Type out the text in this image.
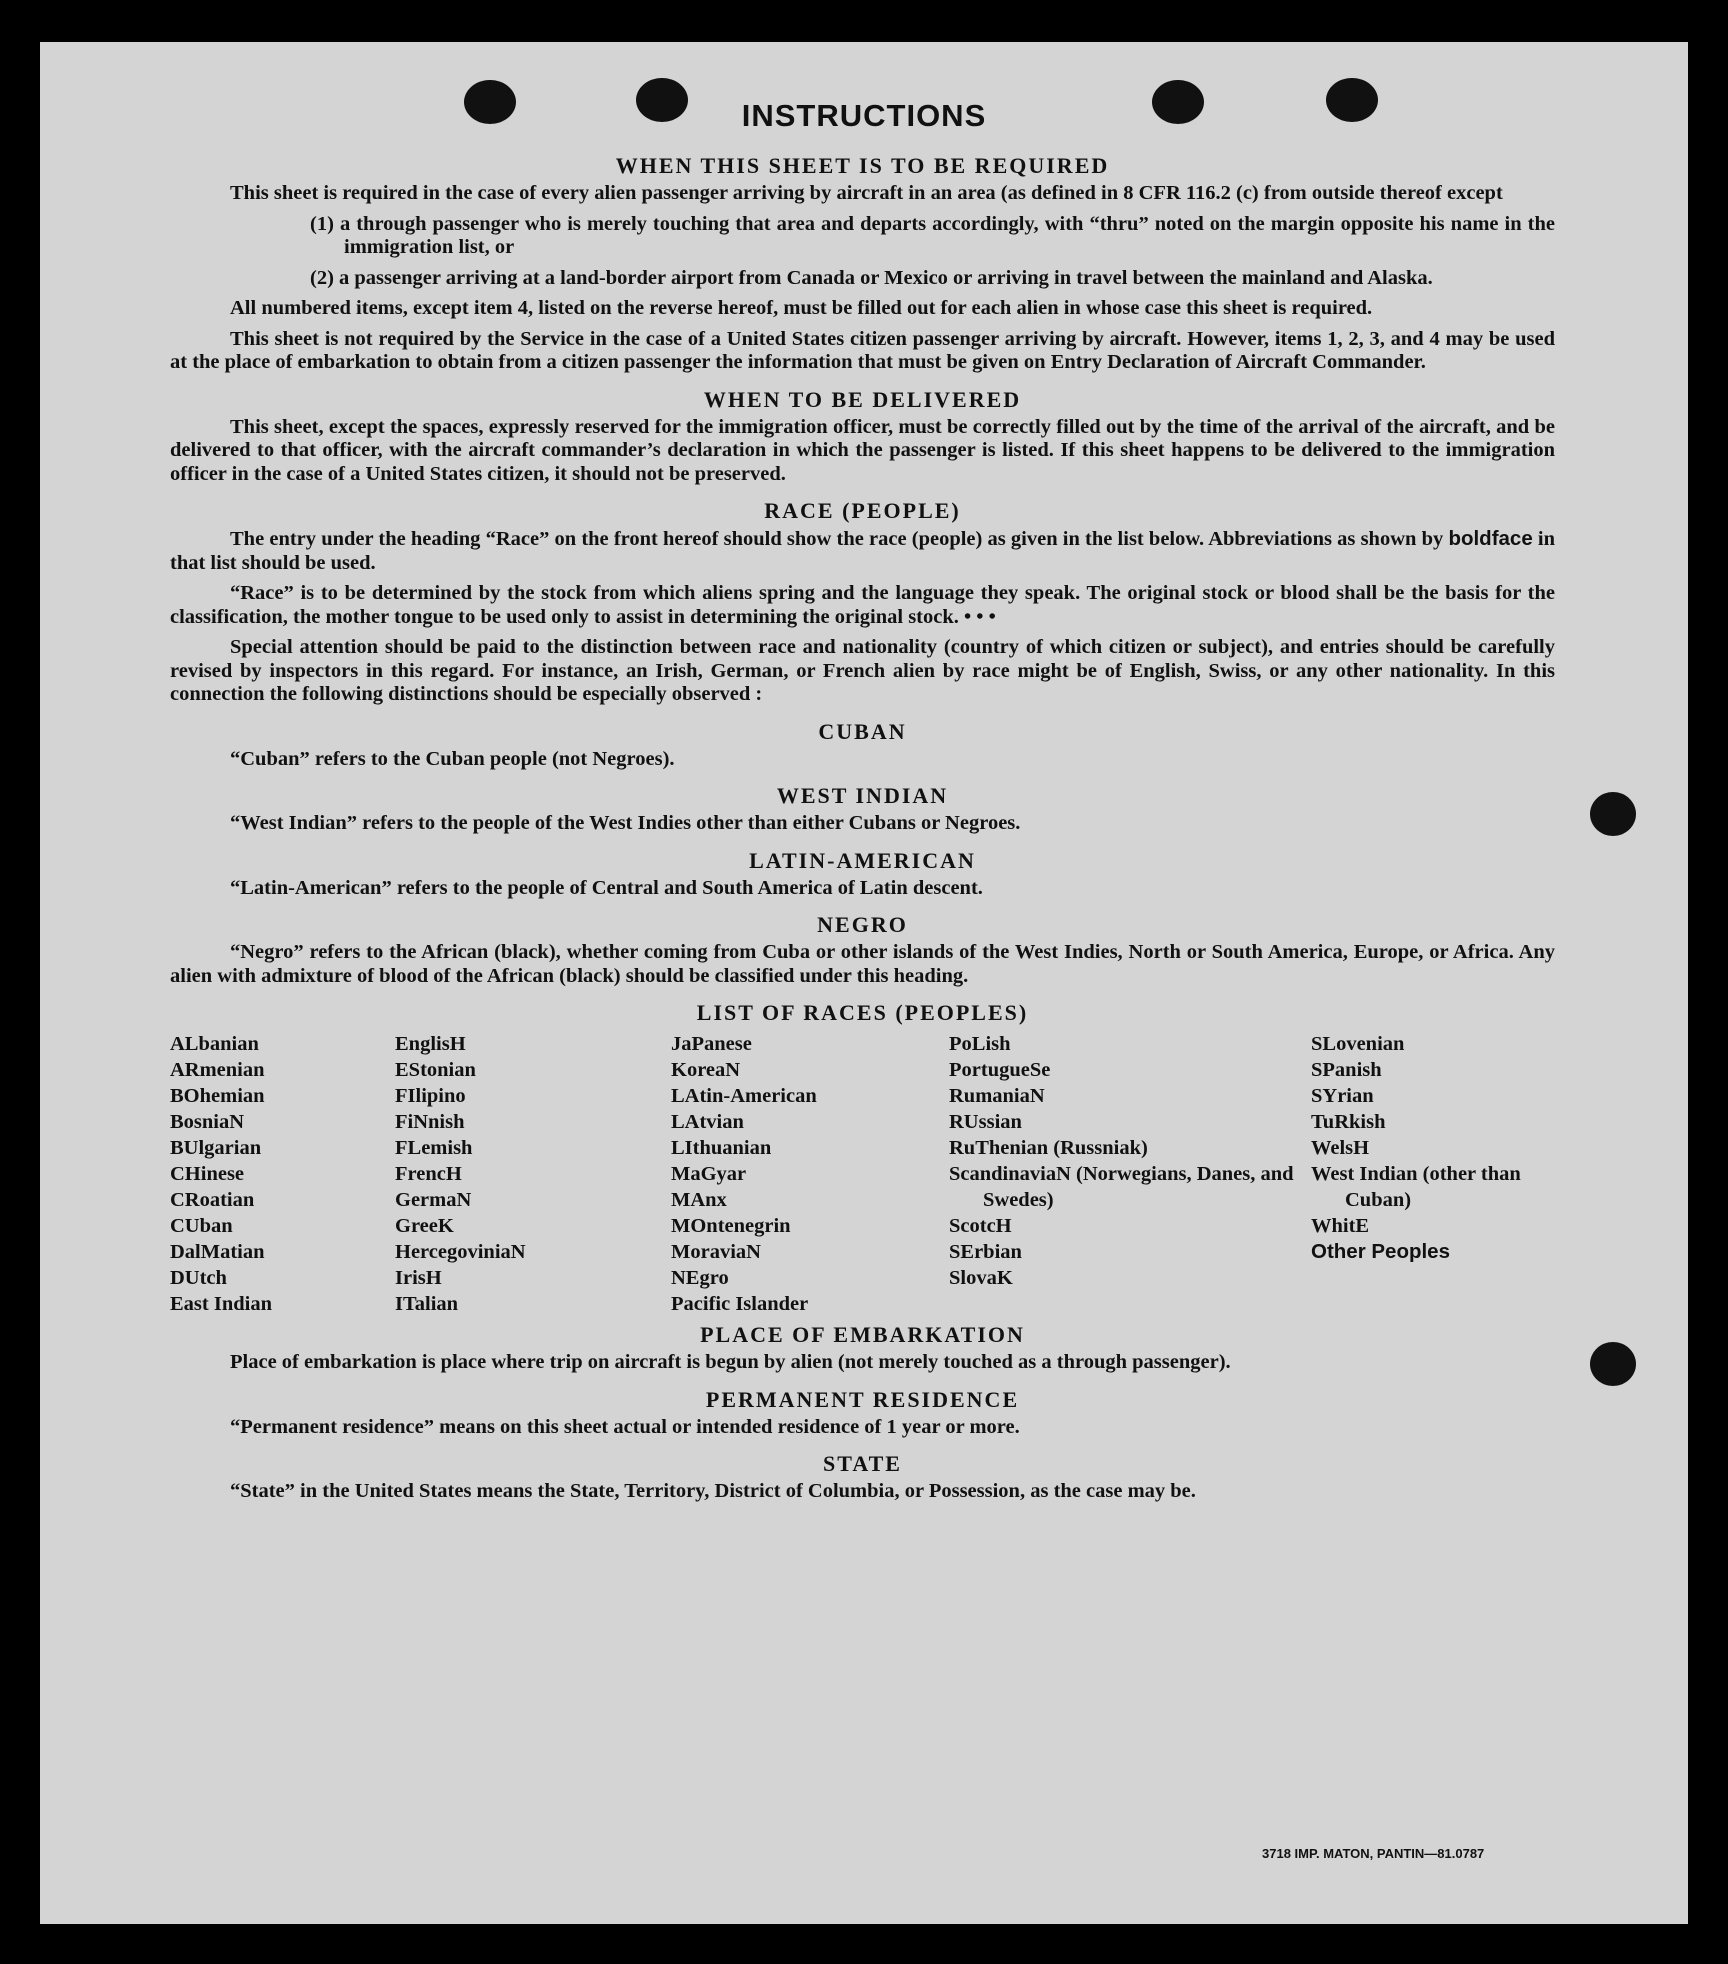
INSTRUCTIONS
WHEN THIS SHEET IS TO BE REQUIRED

This sheet is required in the case of every alien passenger arriving by aircraft in an area (as defined in 8 CFR 116.2 (c) from outside thereof except

(1) a through passenger who is merely touching that area and departs accordingly, with “thru” noted on the margin opposite his name in the immigration list, or

(2) a passenger arriving at a land-border airport from Canada or Mexico or arriving in travel between the mainland and Alaska.

All numbered items, except item 4, listed on the reverse hereof, must be filled out for each alien in whose case this sheet is required.

This sheet is not required by the Service in the case of a United States citizen passenger arriving by aircraft. However, items 1, 2, 3, and 4 may be used at the place of embarkation to obtain from a citizen passenger the information that must be given on Entry Declaration of Aircraft Commander.

WHEN TO BE DELIVERED

This sheet, except the spaces, expressly reserved for the immigration officer, must be correctly filled out by the time of the arrival of the aircraft, and be delivered to that officer, with the aircraft commander’s declaration in which the passenger is listed. If this sheet happens to be delivered to the immigration officer in the case of a United States citizen, it should not be preserved.

RACE (PEOPLE)

The entry under the heading “Race” on the front hereof should show the race (people) as given in the list below. Abbreviations as shown by boldface in that list should be used.

“Race” is to be determined by the stock from which aliens spring and the language they speak. The original stock or blood shall be the basis for the classification, the mother tongue to be used only to assist in determining the original stock. • • •

Special attention should be paid to the distinction between race and nationality (country of which citizen or subject), and entries should be carefully revised by inspectors in this regard. For instance, an Irish, German, or French alien by race might be of English, Swiss, or any other nationality. In this connection the following distinctions should be especially observed :

CUBAN

“Cuban” refers to the Cuban people (not Negroes).

WEST INDIAN

“West Indian” refers to the people of the West Indies other than either Cubans or Negroes.

LATIN-AMERICAN

“Latin-American” refers to the people of Central and South America of Latin descent.

NEGRO

“Negro” refers to the African (black), whether coming from Cuba or other islands of the West Indies, North or South America, Europe, or Africa. Any alien with admixture of blood of the African (black) should be classified under this heading.

LIST OF RACES (PEOPLES)
ALbanian
ARmenian
BOhemian
BosniaN
BUlgarian
CHinese
CRoatian
CUban
DalMatian
DUtch
East Indian
EnglisH
EStonian
FIlipino
FiNnish
FLemish
FrencH
GermaN
GreeK
HercegoviniaN
IrisH
ITalian
JaPanese
KoreaN
LAtin-American
LAtvian
LIthuanian
MaGyar
MAnx
MOntenegrin
MoraviaN
NEgro
Pacific Islander
PoLish
PortugueSe
RumaniaN
RUssian
RuThenian (Russniak)
ScandinaviaN (Norwegians, Danes, and Swedes)
ScotcH
SErbian
SlovaK
SLovenian
SPanish
SYrian
TuRkish
WelsH
West Indian (other than Cuban)
WhitE
Other Peoples
PLACE OF EMBARKATION

Place of embarkation is place where trip on aircraft is begun by alien (not merely touched as a through passenger).

PERMANENT RESIDENCE

“Permanent residence” means on this sheet actual or intended residence of 1 year or more.

STATE

“State” in the United States means the State, Territory, District of Columbia, or Possession, as the case may be.

3718 IMP. MATON, PANTIN—81.0787
